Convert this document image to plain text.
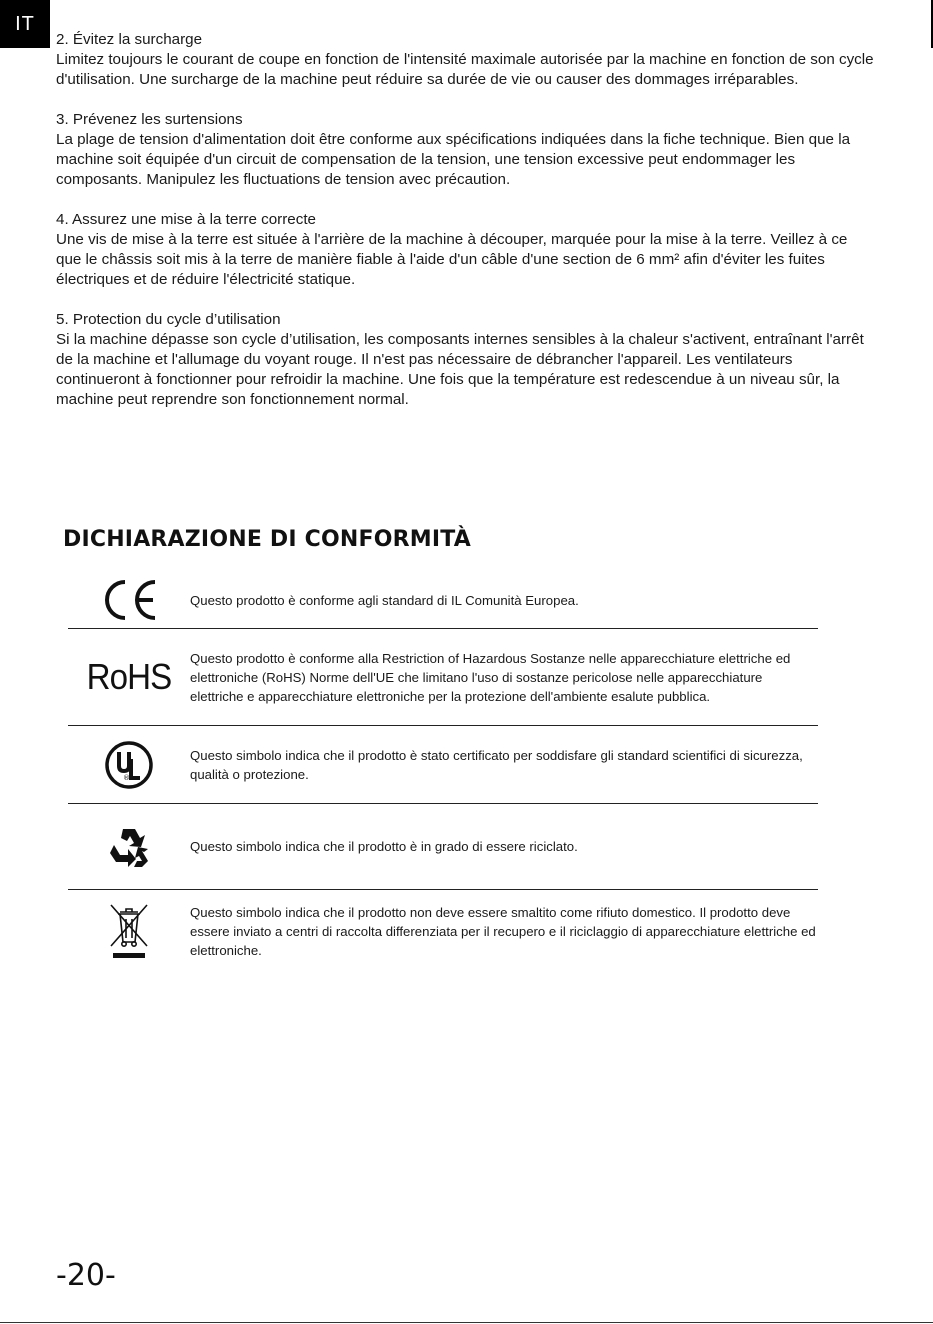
IT

2. Évitez la surcharge

Limitez toujours le courant de coupe en fonction de l'intensité maximale autorisée par la machine en fonction de son cycle d'utilisation. Une surcharge de la machine peut réduire sa durée de vie ou causer des dommages irréparables.

3. Prévenez les surtensions

La plage de tension d'alimentation doit être conforme aux spécifications indiquées dans la fiche technique. Bien que la machine soit équipée d'un circuit de compensation de la tension, une tension excessive peut endommager les composants. Manipulez les fluctuations de tension avec précaution.

4. Assurez une mise à la terre correcte

Une vis de mise à la terre est située à l'arrière de la machine à découper, marquée pour la mise à la terre. Veillez à ce que le châssis soit mis à la terre de manière fiable à l'aide d'un câble d'une section de 6 mm² afin d'éviter les fuites électriques et de réduire l'électricité statique.

5. Protection du cycle d’utilisation

Si la machine dépasse son cycle d’utilisation, les composants internes sensibles à la chaleur s'activent, entraînant l'arrêt de la machine et l'allumage du voyant rouge. Il n'est pas nécessaire de débrancher l'appareil. Les ventilateurs continueront à fonctionner pour refroidir la machine. Une fois que la température est redescendue à un niveau sûr, la machine peut reprendre son fonctionnement normal.

DICHIARAZIONE DI CONFORMITÀ
Questo prodotto è conforme agli standard di IL Comunità Europea.
RoHS Questo prodotto è conforme alla Restriction of Hazardous Sostanze nelle apparecchiature elettriche ed elettroniche (RoHS) Norme dell'UE che limitano l'uso di sostanze pericolose nelle apparecchiature elettriche e apparecchiature elettroniche per la protezione dell'ambiente esalute pubblica.
®
Questo simbolo indica che il prodotto è stato certificato per soddisfare gli standard scientifici di sicurezza, qualità o protezione.
Questo simbolo indica che il prodotto è in grado di essere riciclato.
Questo simbolo indica che il prodotto non deve essere smaltito come rifiuto domestico. Il prodotto deve essere inviato a centri di raccolta differenziata per il recupero e il riciclaggio di apparecchiature elettriche ed elettroniche.
-20-
